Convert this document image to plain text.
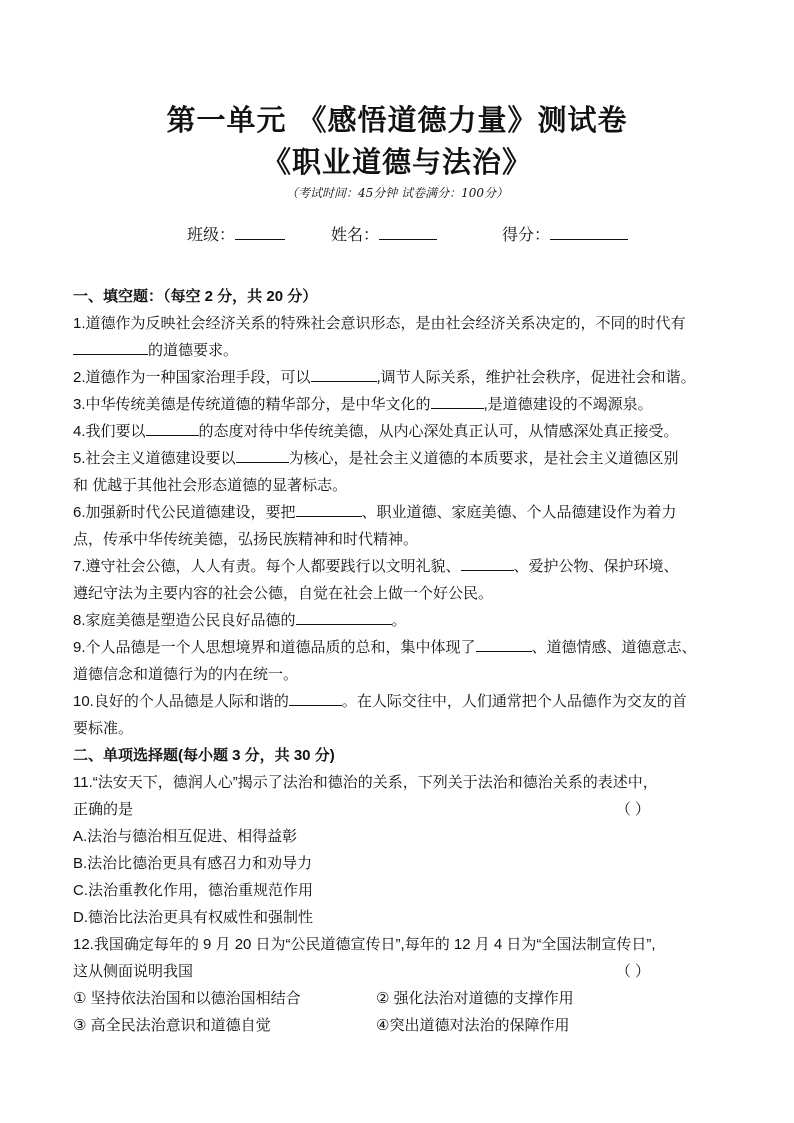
第一单元 《感悟道德力量》测试卷
《职业道德与法治》
（考试时间：45分钟 试卷满分：100分）
班级：	姓名：	得分：
一、填空题：（每空 2 分，共 20 分）
1.道德作为反映社会经济关系的特殊社会意识形态，是由社会经济关系决定的，不同的时代有
的道德要求。
2.道德作为一种国家治理手段，可以	,调节人际关系，维护社会秩序，促进社会和谐。
3.中华传统美德是传统道德的精华部分，是中华文化的	,是道德建设的不竭源泉。
4.我们要以	的态度对待中华传统美德，从内心深处真正认可，从情感深处真正接受。
5.社会主义道德建设要以	为核心，是社会主义道德的本质要求，是社会主义道德区别
和 优越于其他社会形态道德的显著标志。
6.加强新时代公民道德建设，要把	、职业道德、家庭美德、个人品德建设作为着力
点，传承中华传统美德，弘扬民族精神和时代精神。
7.遵守社会公德，人人有责。每个人都要践行以文明礼貌、	、爱护公物、保护环境、
遵纪守法为主要内容的社会公德，自觉在社会上做一个好公民。
8.家庭美德是塑造公民良好品德的	。
9.个人品德是一个人思想境界和道德品质的总和，集中体现了	、道德情感、道德意志、
道德信念和道德行为的内在统一。
10.良好的个人品德是人际和谐的	。在人际交往中，人们通常把个人品德作为交友的首
要标准。
二、单项选择题(每小题 3 分，共 30 分)
11.“法安天下，德润人心”揭示了法治和德治的关系，下列关于法治和德治关系的表述中，
正确的是	（ ）
A.法治与德治相互促进、相得益彰
B.法治比德治更具有感召力和劝导力
C.法治重教化作用，德治重规范作用
D.德治比法治更具有权威性和强制性
12.我国确定每年的 9 月 20 日为“公民道德宣传日”,每年的 12 月 4 日为“全国法制宣传日”,
这从侧面说明我国	（ ）
① 坚持依法治国和以德治国相结合	② 强化法治对道德的支撑作用
③ 高全民法治意识和道德自觉	④突出道德对法治的保障作用
